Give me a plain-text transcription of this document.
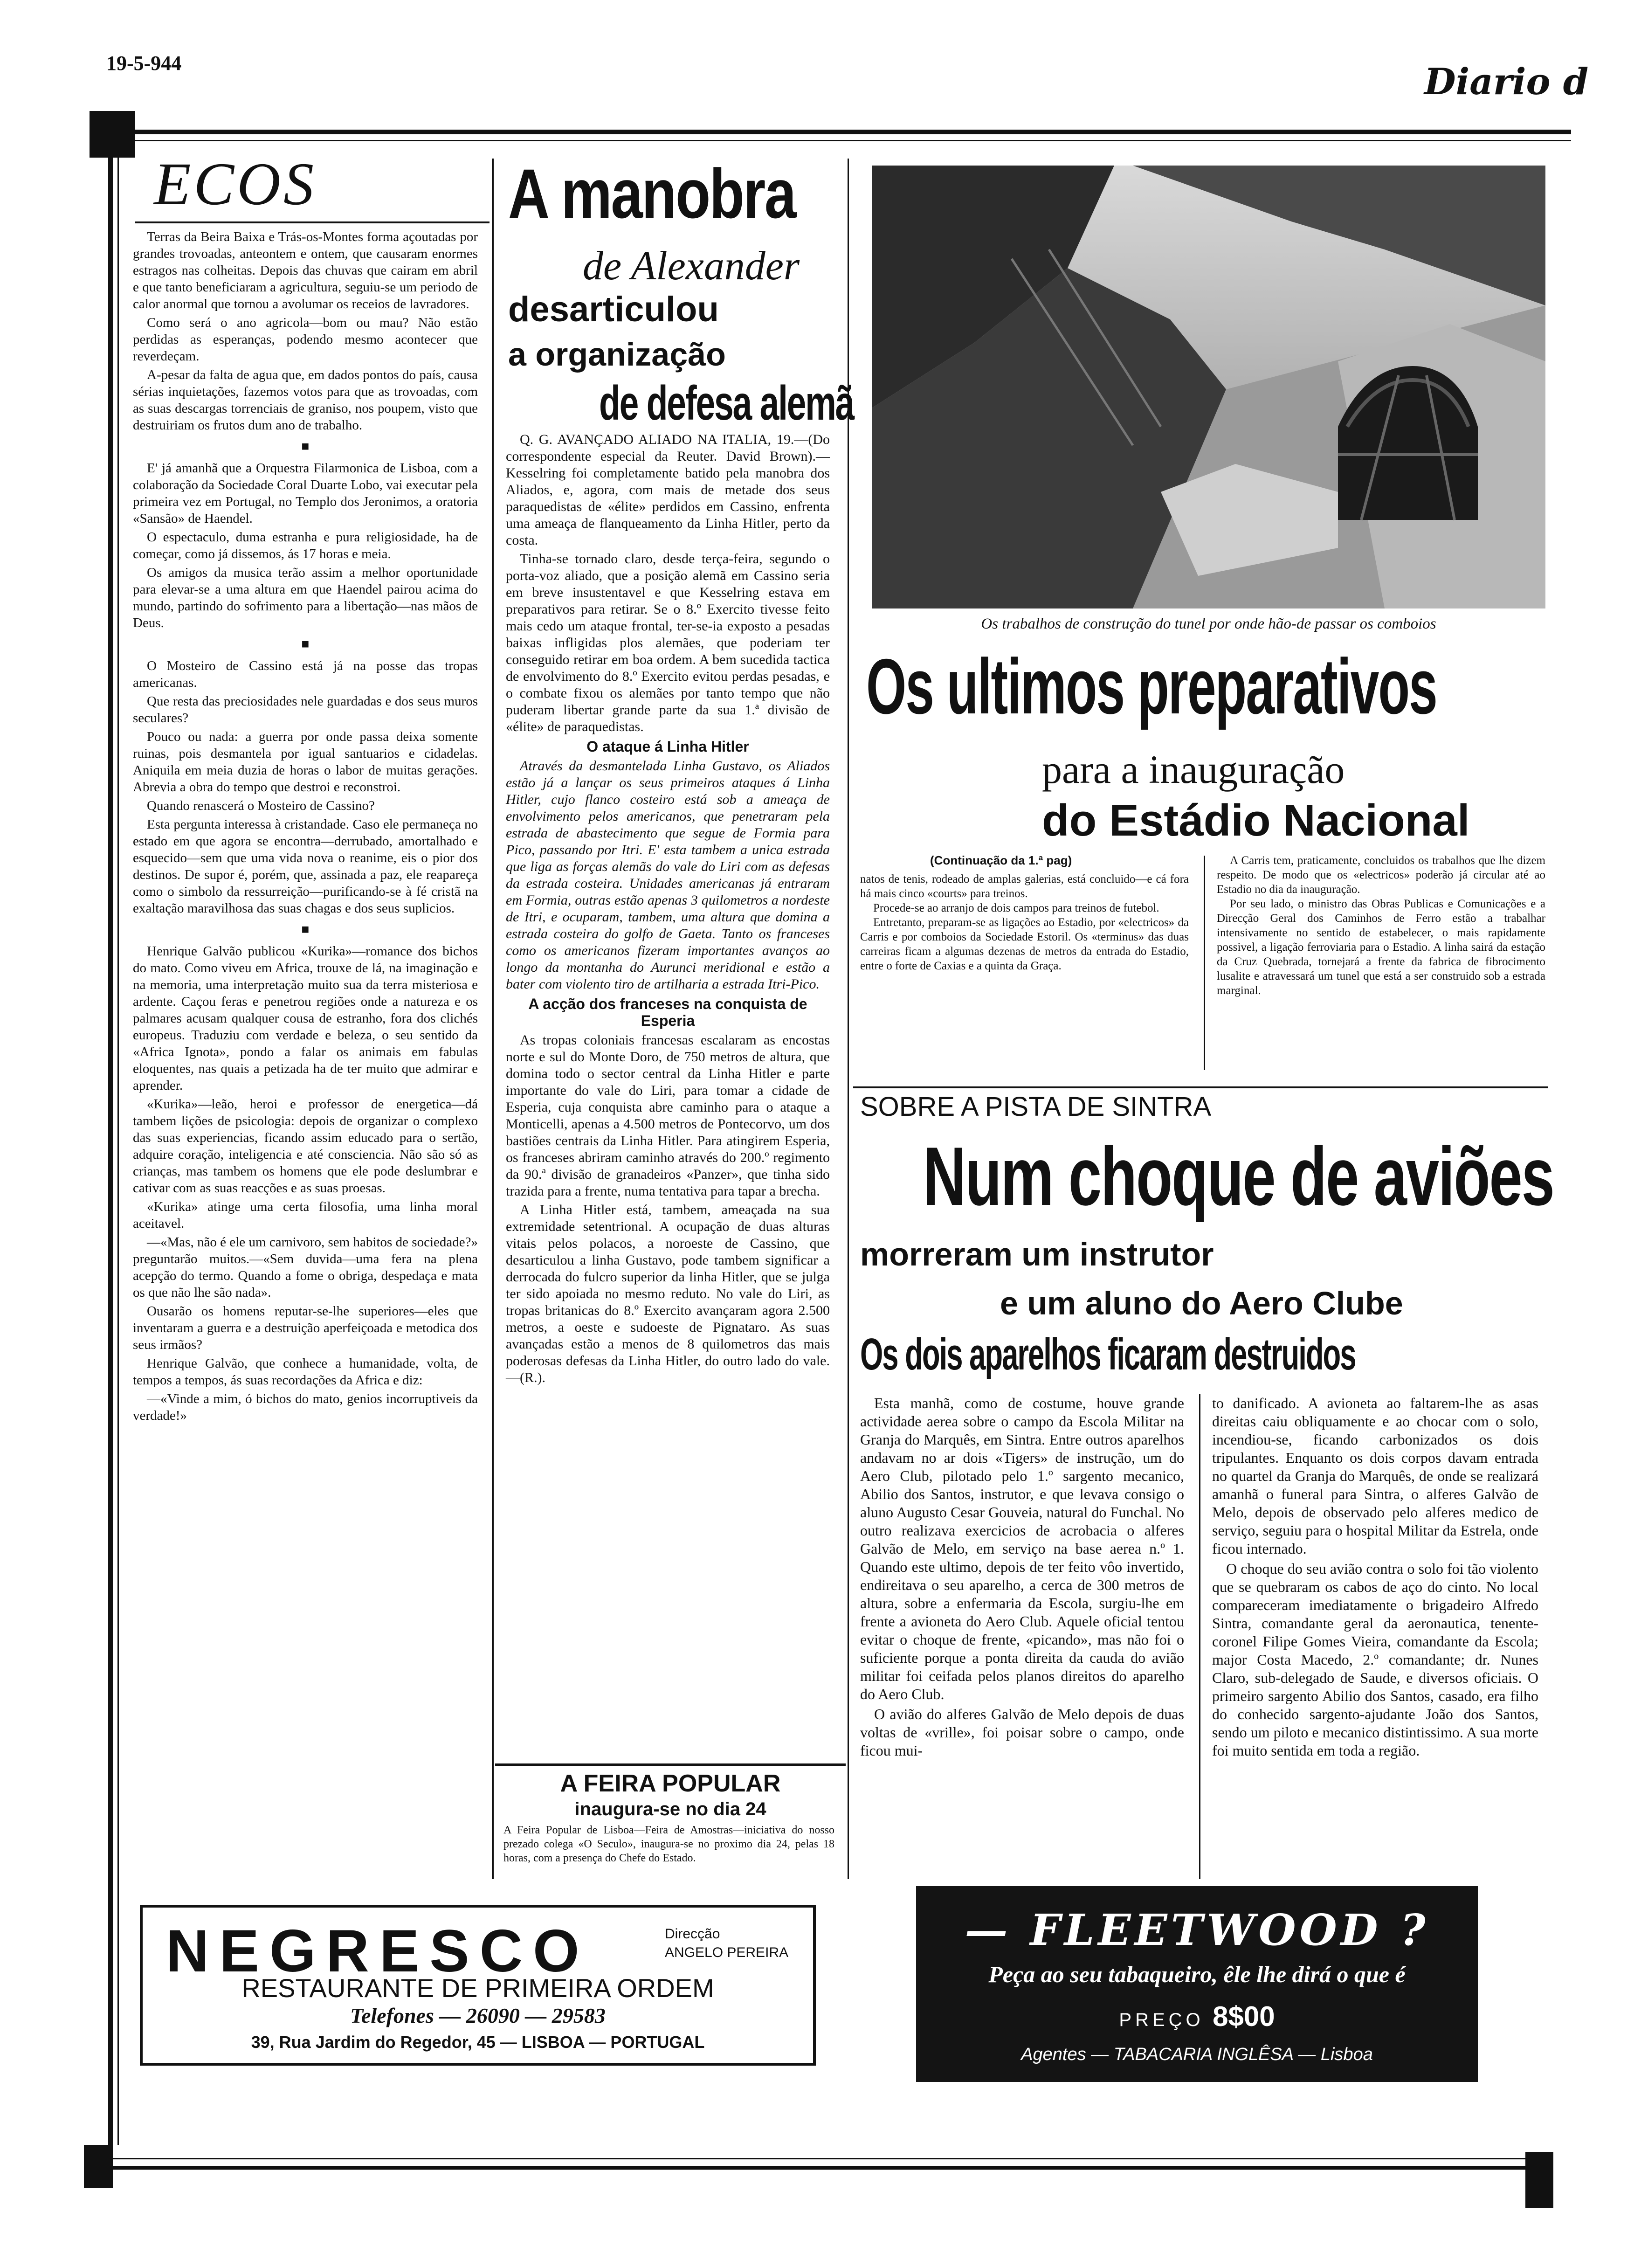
19-5-944	Diario d
ECOS

Terras da Beira Baixa e Trás-os-Montes forma açoutadas por grandes trovoadas, anteontem e ontem, que causaram enormes estragos nas colheitas. Depois das chuvas que cairam em abril e que tanto beneficiaram a agricultura, seguiu-se um periodo de calor anormal que tornou a avolumar os receios de lavradores.

Como será o ano agricola—bom ou mau? Não estão perdidas as esperanças, podendo mesmo acontecer que reverdeçam.

A-pesar da falta de agua que, em dados pontos do país, causa sérias inquietações, fazemos votos para que as trovoadas, com as suas descargas torrenciais de graniso, nos poupem, visto que destruiriam os frutos dum ano de trabalho.

■

E' já amanhã que a Orquestra Filarmonica de Lisboa, com a colaboração da Sociedade Coral Duarte Lobo, vai executar pela primeira vez em Portugal, no Templo dos Jeronimos, a oratoria «Sansão» de Haendel.

O espectaculo, duma estranha e pura religiosidade, ha de começar, como já dissemos, ás 17 horas e meia.

Os amigos da musica terão assim a melhor oportunidade para elevar-se a uma altura em que Haendel pairou acima do mundo, partindo do sofrimento para a libertação—nas mãos de Deus.

■

O Mosteiro de Cassino está já na posse das tropas americanas.

Que resta das preciosidades nele guardadas e dos seus muros seculares?

Pouco ou nada: a guerra por onde passa deixa somente ruinas, pois desmantela por igual santuarios e cidadelas. Aniquila em meia duzia de horas o labor de muitas gerações. Abrevia a obra do tempo que destroi e reconstroi.

Quando renascerá o Mosteiro de Cassino?

Esta pergunta interessa à cristandade. Caso ele permaneça no estado em que agora se encontra—derrubado, amortalhado e esquecido—sem que uma vida nova o reanime, eis o pior dos destinos. De supor é, porém, que, assinada a paz, ele reapareça como o simbolo da ressurreição—purificando-se à fé cristã na exaltação maravilhosa das suas chagas e dos seus suplicios.

■

Henrique Galvão publicou «Kurika»—romance dos bichos do mato. Como viveu em Africa, trouxe de lá, na imaginação e na memoria, uma interpretação muito sua da terra misteriosa e ardente. Caçou feras e penetrou regiões onde a natureza e os palmares acusam qualquer cousa de estranho, fora dos clichés europeus. Traduziu com verdade e beleza, o seu sentido da «Africa Ignota», pondo a falar os animais em fabulas eloquentes, nas quais a petizada ha de ter muito que admirar e aprender.

«Kurika»—leão, heroi e professor de energetica—dá tambem lições de psicologia: depois de organizar o complexo das suas experiencias, ficando assim educado para o sertão, adquire coração, inteligencia e até consciencia. Não são só as crianças, mas tambem os homens que ele pode deslumbrar e cativar com as suas reacções e as suas proesas.

«Kurika» atinge uma certa filosofia, uma linha moral aceitavel.

—«Mas, não é ele um carnivoro, sem habitos de sociedade?» preguntarão muitos.—«Sem duvida—uma fera na plena acepção do termo. Quando a fome o obriga, despedaça e mata os que não lhe são nada».

Ousarão os homens reputar-se-lhe superiores—eles que inventaram a guerra e a destruição aperfeiçoada e metodica dos seus irmãos?

Henrique Galvão, que conhece a humanidade, volta, de tempos a tempos, ás suas recordações da Africa e diz:

—«Vinde a mim, ó bichos do mato, genios incorruptiveis da verdade!»

A manobra
de Alexander
desarticulou
a organização
de defesa alemã

Q. G. AVANÇADO ALIADO NA ITALIA, 19.—(Do correspondente especial da Reuter. David Brown).—Kesselring foi completamente batido pela manobra dos Aliados, e, agora, com mais de metade dos seus paraquedistas de «élite» perdidos em Cassino, enfrenta uma ameaça de flanqueamento da Linha Hitler, perto da costa.

Tinha-se tornado claro, desde terça-feira, segundo o porta-voz aliado, que a posição alemã em Cassino seria em breve insustentavel e que Kesselring estava em preparativos para retirar. Se o 8.º Exercito tivesse feito mais cedo um ataque frontal, ter-se-ia exposto a pesadas baixas infligidas plos alemães, que poderiam ter conseguido retirar em boa ordem. A bem sucedida tactica de envolvimento do 8.º Exercito evitou perdas pesadas, e o combate fixou os alemães por tanto tempo que não puderam libertar grande parte da sua 1.ª divisão de «élite» de paraquedistas.

O ataque á Linha Hitler

Através da desmantelada Linha Gustavo, os Aliados estão já a lançar os seus primeiros ataques á Linha Hitler, cujo flanco costeiro está sob a ameaça de envolvimento pelos americanos, que penetraram pela estrada de abastecimento que segue de Formia para Pico, passando por Itri. E' esta tambem a unica estrada que liga as forças alemãs do vale do Liri com as defesas da estrada costeira. Unidades americanas já entraram em Formia, outras estão apenas 3 quilometros a nordeste de Itri, e ocuparam, tambem, uma altura que domina a estrada costeira do golfo de Gaeta. Tanto os franceses como os americanos fizeram importantes avanços ao longo da montanha do Aurunci meridional e estão a bater com violento tiro de artilharia a estrada Itri-Pico.

A acção dos franceses na conquista de Esperia

As tropas coloniais francesas escalaram as encostas norte e sul do Monte Doro, de 750 metros de altura, que domina todo o sector central da Linha Hitler e parte importante do vale do Liri, para tomar a cidade de Esperia, cuja conquista abre caminho para o ataque a Monticelli, apenas a 4.500 metros de Pontecorvo, um dos bastiões centrais da Linha Hitler. Para atingirem Esperia, os franceses abriram caminho através do 200.º regimento da 90.ª divisão de granadeiros «Panzer», que tinha sido trazida para a frente, numa tentativa para tapar a brecha.

A Linha Hitler está, tambem, ameaçada na sua extremidade setentrional. A ocupação de duas alturas vitais pelos polacos, a noroeste de Cassino, que desarticulou a linha Gustavo, pode tambem significar a derrocada do fulcro superior da linha Hitler, que se julga ter sido apoiada no mesmo reduto. No vale do Liri, as tropas britanicas do 8.º Exercito avançaram agora 2.500 metros, a oeste e sudoeste de Pignataro. As suas avançadas estão a menos de 8 quilometros das mais poderosas defesas da Linha Hitler, do outro lado do vale.—(R.).

A FEIRA POPULAR
inaugura-se no dia 24
A Feira Popular de Lisboa—Feira de Amostras—iniciativa do nosso prezado colega «O Seculo», inaugura-se no proximo dia 24, pelas 18 horas, com a presença do Chefe do Estado.
Os trabalhos de construção do tunel por onde hão-de passar os comboios
Os ultimos preparativos
para a inauguração
do Estádio Nacional
(Continuação da 1.ª pag)

natos de tenis, rodeado de amplas galerias, está concluido—e cá fora há mais cinco «courts» para treinos.

Procede-se ao arranjo de dois campos para treinos de futebol.

Entretanto, preparam-se as ligações ao Estadio, por «electricos» da Carris e por comboios da Sociedade Estoril. Os «terminus» das duas carreiras ficam a algumas dezenas de metros da entrada do Estadio, entre o forte de Caxias e a quinta da Graça.

A Carris tem, praticamente, concluidos os trabalhos que lhe dizem respeito. De modo que os «electricos» poderão já circular até ao Estadio no dia da inauguração.

Por seu lado, o ministro das Obras Publicas e Comunicações e a Direcção Geral dos Caminhos de Ferro estão a trabalhar intensivamente no sentido de estabelecer, o mais rapidamente possivel, a ligação ferroviaria para o Estadio. A linha sairá da estação da Cruz Quebrada, tornejará a frente da fabrica de fibrocimento lusalite e atravessará um tunel que está a ser construido sob a estrada marginal.

SOBRE A PISTA DE SINTRA
Num choque de aviões
morreram um instrutor
e um aluno do Aero Clube
Os dois aparelhos ficaram destruidos

Esta manhã, como de costume, houve grande actividade aerea sobre o campo da Escola Militar na Granja do Marquês, em Sintra. Entre outros aparelhos andavam no ar dois «Tigers» de instrução, um do Aero Club, pilotado pelo 1.º sargento mecanico, Abilio dos Santos, instrutor, e que levava consigo o aluno Augusto Cesar Gouveia, natural do Funchal. No outro realizava exercicios de acrobacia o alferes Galvão de Melo, em serviço na base aerea n.º 1. Quando este ultimo, depois de ter feito vôo invertido, endireitava o seu aparelho, a cerca de 300 metros de altura, sobre a enfermaria da Escola, surgiu-lhe em frente a avioneta do Aero Club. Aquele oficial tentou evitar o choque de frente, «picando», mas não foi o suficiente porque a ponta direita da cauda do avião militar foi ceifada pelos planos direitos do aparelho do Aero Club.

O avião do alferes Galvão de Melo depois de duas voltas de «vrille», foi poisar sobre o campo, onde ficou mui-

to danificado. A avioneta ao faltarem-lhe as asas direitas caiu obliquamente e ao chocar com o solo, incendiou-se, ficando carbonizados os dois tripulantes. Enquanto os dois corpos davam entrada no quartel da Granja do Marquês, de onde se realizará amanhã o funeral para Sintra, o alferes Galvão de Melo, depois de observado pelo alferes medico de serviço, seguiu para o hospital Militar da Estrela, onde ficou internado.

O choque do seu avião contra o solo foi tão violento que se quebraram os cabos de aço do cinto. No local compareceram imediatamente o brigadeiro Alfredo Sintra, comandante geral da aeronautica, tenente-coronel Filipe Gomes Vieira, comandante da Escola; major Costa Macedo, 2.º comandante; dr. Nunes Claro, sub-delegado de Saude, e diversos oficiais. O primeiro sargento Abilio dos Santos, casado, era filho do conhecido sargento-ajudante João dos Santos, sendo um piloto e mecanico distintissimo. A sua morte foi muito sentida em toda a região.

NEGRESCO	Direcção
ANGELO PEREIRA
RESTAURANTE DE PRIMEIRA ORDEM
Telefones — 26090 — 29583
39, Rua Jardim do Regedor, 45 — LISBOA — PORTUGAL
— FLEETWOOD ?
Peça ao seu tabaqueiro, êle lhe dirá o que é
PREÇO 8$00
Agentes — TABACARIA INGLÊSA — Lisboa
